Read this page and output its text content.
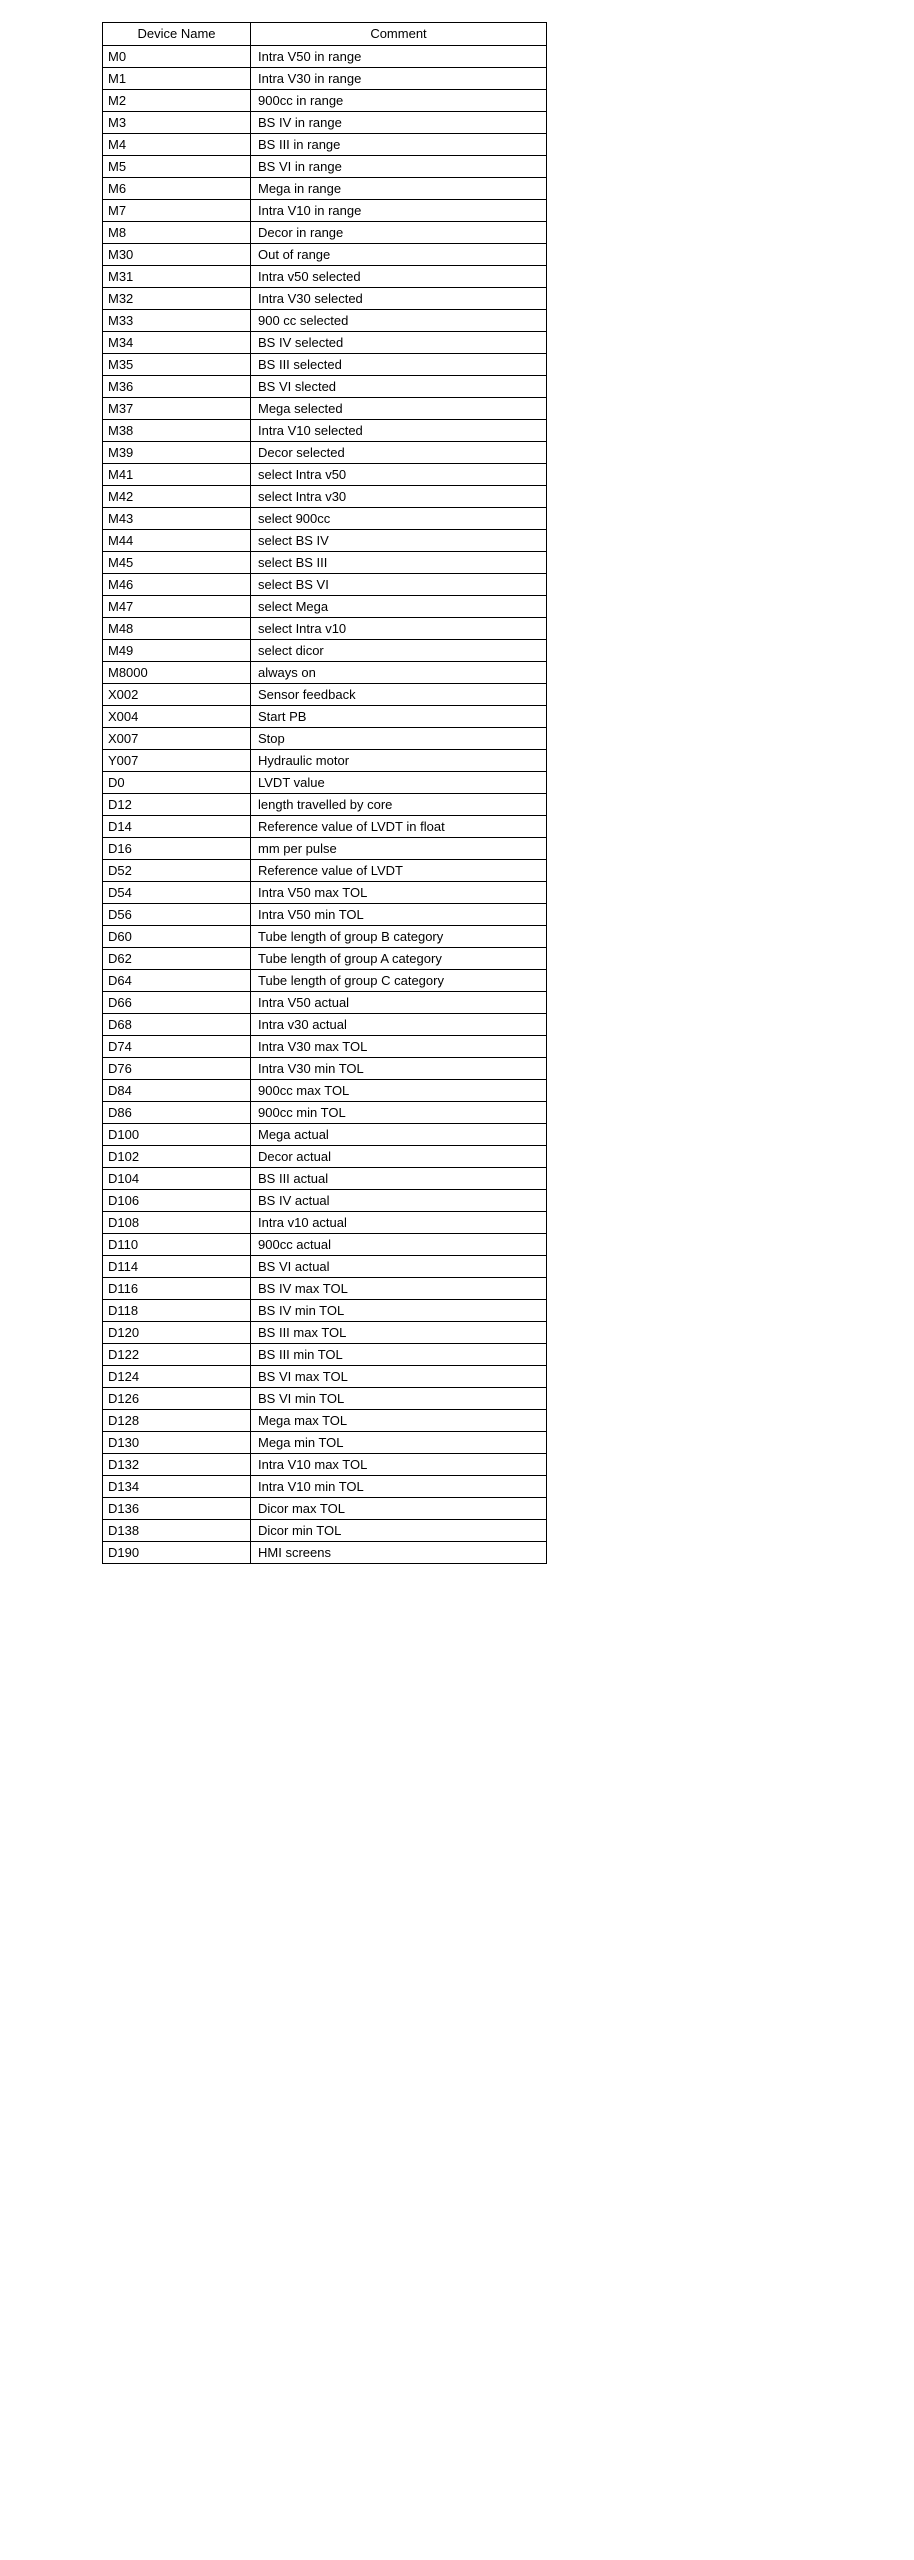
Device Name	Comment
M0	Intra V50 in range
M1	Intra V30 in range
M2	900cc in range
M3	BS IV in range
M4	BS III in range
M5	BS VI in range
M6	Mega in range
M7	Intra V10 in range
M8	Decor in range
M30	Out of range
M31	Intra v50 selected
M32	Intra V30 selected
M33	900 cc selected
M34	BS IV selected
M35	BS III selected
M36	BS VI slected
M37	Mega selected
M38	Intra V10 selected
M39	Decor selected
M41	select Intra v50
M42	select Intra v30
M43	select 900cc
M44	select BS IV
M45	select BS III
M46	select BS VI
M47	select Mega
M48	select Intra v10
M49	select dicor
M8000	always on
X002	Sensor feedback
X004	Start PB
X007	Stop
Y007	Hydraulic motor
D0	LVDT value
D12	length travelled by core
D14	Reference value of LVDT in float
D16	mm per pulse
D52	Reference value of LVDT
D54	Intra V50 max TOL
D56	Intra V50 min TOL
D60	Tube length of group B category
D62	Tube length of group A category
D64	Tube length of group C category
D66	Intra V50 actual
D68	Intra v30 actual
D74	Intra V30 max TOL
D76	Intra V30 min TOL
D84	900cc max TOL
D86	900cc min TOL
D100	Mega actual
D102	Decor actual
D104	BS III actual
D106	BS IV actual
D108	Intra v10 actual
D110	900cc actual
D114	BS VI actual
D116	BS IV max TOL
D118	BS IV min TOL
D120	BS III max TOL
D122	BS III min TOL
D124	BS VI max TOL
D126	BS VI min TOL
D128	Mega max TOL
D130	Mega min TOL
D132	Intra V10 max TOL
D134	Intra V10 min TOL
D136	Dicor max TOL
D138	Dicor min TOL
D190	HMI screens
